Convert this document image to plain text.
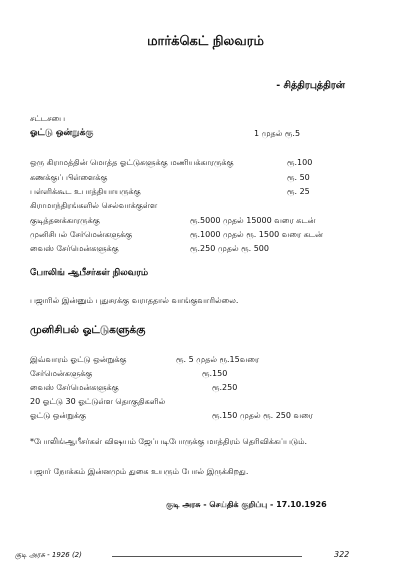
மார்க்கெட் நிலவரம்
- சித்திரபுத்திரன்
சட்டசபை
ஓட்டு ஒன்றுக்கு	1 முதல் ரூ.5
ஒரு கிராமத்தின் மொத்த ஓட்டுகளுக்கு மணியக்காரருக்கு	ரூ.100
கணக்குப் பிள்ளைக்கு	ரூ. 50
பள்ளிக்கூட உபாத்தியாயருக்கு	ரூ. 25
கிராமாந்திரங்களில் செல்வாக்குள்ள
குடித்தனக்காரருக்கு	ரூ.5000 முதல் 15000 வரை கடன்
முனிசிபல் சேர்மென்களுக்கு	ரூ.1000 முதல் ரூ. 1500 வரை கடன்
வைஸ் சேர்மென்களுக்கு	ரூ.250 முதல் ரூ. 500
போலிங் ஆபீசர்கள் நிலவரம்
பஜாரில் இன்னும் புதுசரக்கு வராததால் வாங்குவாரில்லை.
முனிசிபல் ஓட்டுகளுக்கு
இவ்வாரம் ஓட்டு ஒன்றுக்கு	ரூ. 5 முதல் ரூ.15வரை
சேர்மென்களுக்கு	ரூ.150
வைஸ் சேர்மென்களுக்கு	ரூ.250
20 ஓட்டு 30 ஓட்டுள்ள தொகுதிகளில்
ஓட்டு ஒன்றுக்கு	ரூ.150 முதல் ரூ. 250 வரை
*போலிங்ஆபீசர்கள் விஷயம் ஜேப்படிபோருக்கு மாத்திரம் தெரிவிக்கப்படும்.
பஜார் நோக்கம் இன்னமும் துகை உயரும் போல் இருக்கிறது.
குடி அரசு - செய்திக் குறிப்பு - 17.10.1926
குடி அரசு - 1926 (2)	322
